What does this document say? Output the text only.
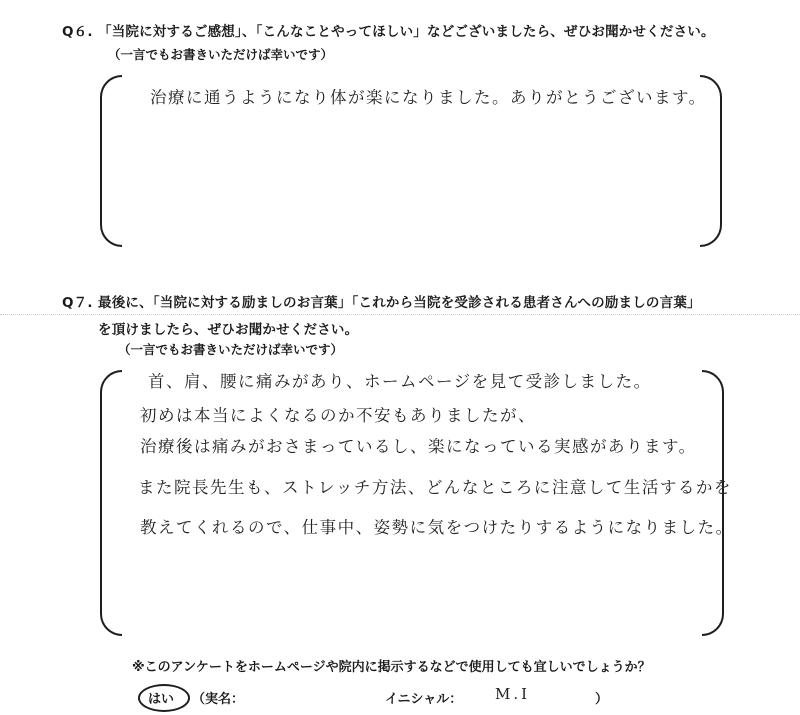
Q６. 「当院に対するご感想」、「こんなことやってほしい」などございましたら、ぜひお聞かせください。
（一言でもお書きいただけば幸いです）
治療に通うようになり体が楽になりました。ありがとうございます。
Q７. 最後に、「当院に対する励ましのお言葉」「これから当院を受診される患者さんへの励ましの言葉」
を頂けましたら、ぜひお聞かせください。
（一言でもお書きいただけば幸いです）
首、肩、腰に痛みがあり、ホームページを見て受診しました。
初めは本当によくなるのか不安もありましたが、
治療後は痛みがおさまっているし、楽になっている実感があります。
また院長先生も、ストレッチ方法、どんなところに注意して生活するかを
教えてくれるので、仕事中、姿勢に気をつけたりするようになりました。
※このアンケートをホームページや院内に掲示するなどで使用しても宜しいでしょうか？
はい （実名：	イニシャル： M.I	）
